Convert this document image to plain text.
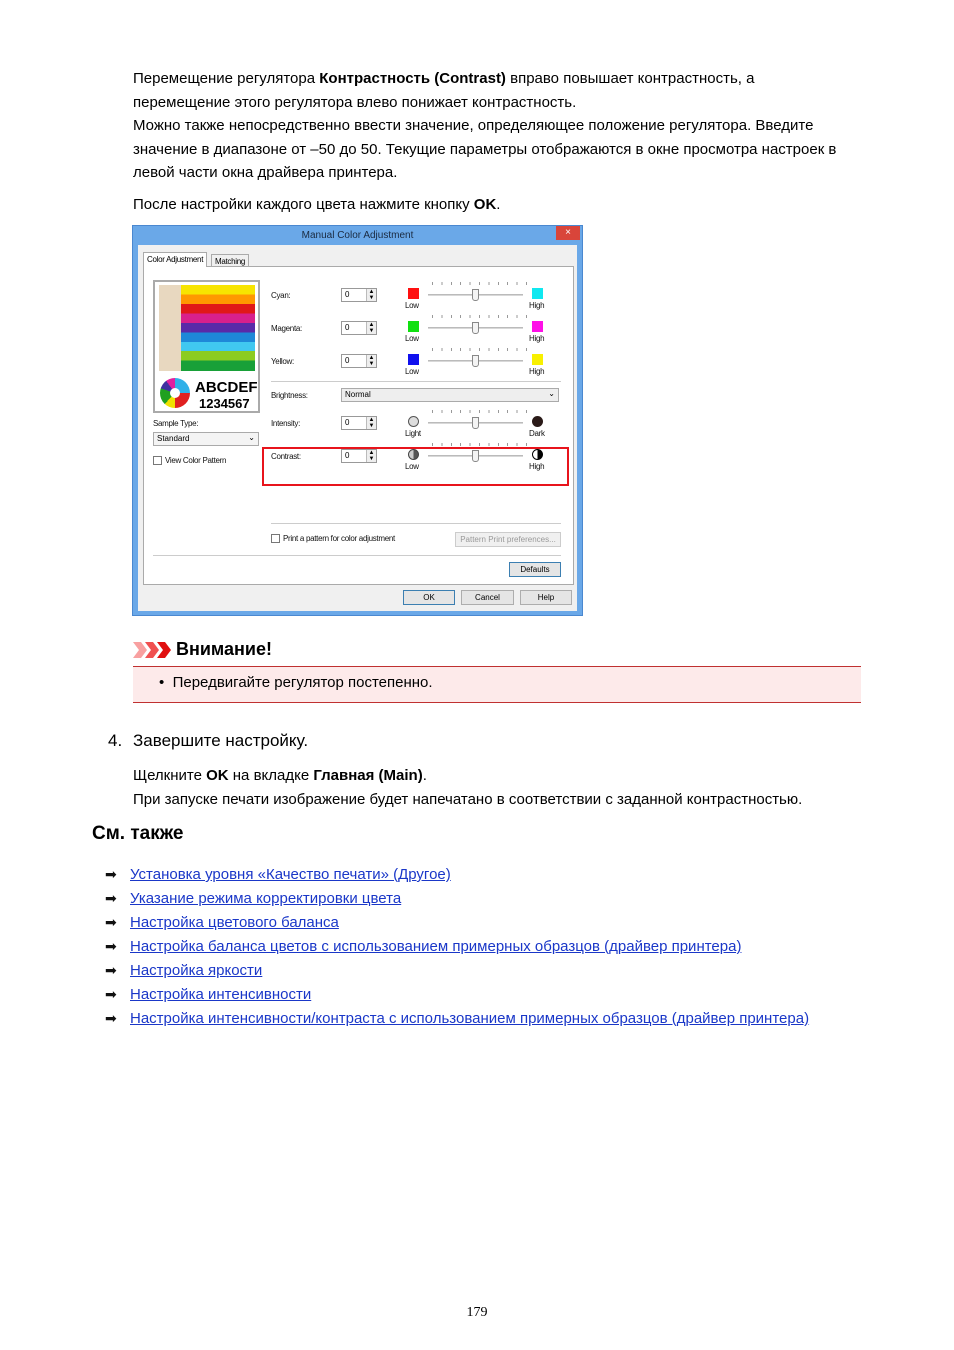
Перемещение регулятора Контрастность (Contrast) вправо повышает контрастность, а
перемещение этого регулятора влево понижает контрастность.
Можно также непосредственно ввести значение, определяющее положение регулятора. Введите значение в диапазоне от –50 до 50. Текущие параметры отображаются в окне просмотра настроек в левой части окна драйвера принтера.
После настройки каждого цвета нажмите кнопку OK.
Manual Color Adjustment	×
Color Adjustment	Matching
ABCDEF
1234567
Sample Type:
Standard	⌄
View Color Pattern
Cyan:	0	▲
▼
Low	High
Magenta:	0	▲
▼
Low	High
Yellow:	0	▲
▼
Low	High
Intensity:	0	▲
▼
Light	Dark
Contrast:	0	▲
▼
Low	High
Brightness:	Normal	⌄
Print a pattern for color adjustment	Pattern Print preferences...
Defaults
OK	Cancel	Help
Внимание!
•  Передвигайте регулятор постепенно.
4. Завершите настройку.
Щелкните OK на вкладке Главная (Main).
При запуске печати изображение будет напечатано в соответствии с заданной контрастностью.
См. также
➡ Установка уровня «Качество печати» (Другое)
➡ Указание режима корректировки цвета
➡ Настройка цветового баланса
➡ Настройка баланса цветов с использованием примерных образцов (драйвер принтера)
➡ Настройка яркости
➡ Настройка интенсивности
➡ Настройка интенсивности/контраста с использованием примерных образцов (драйвер принтера)
179
